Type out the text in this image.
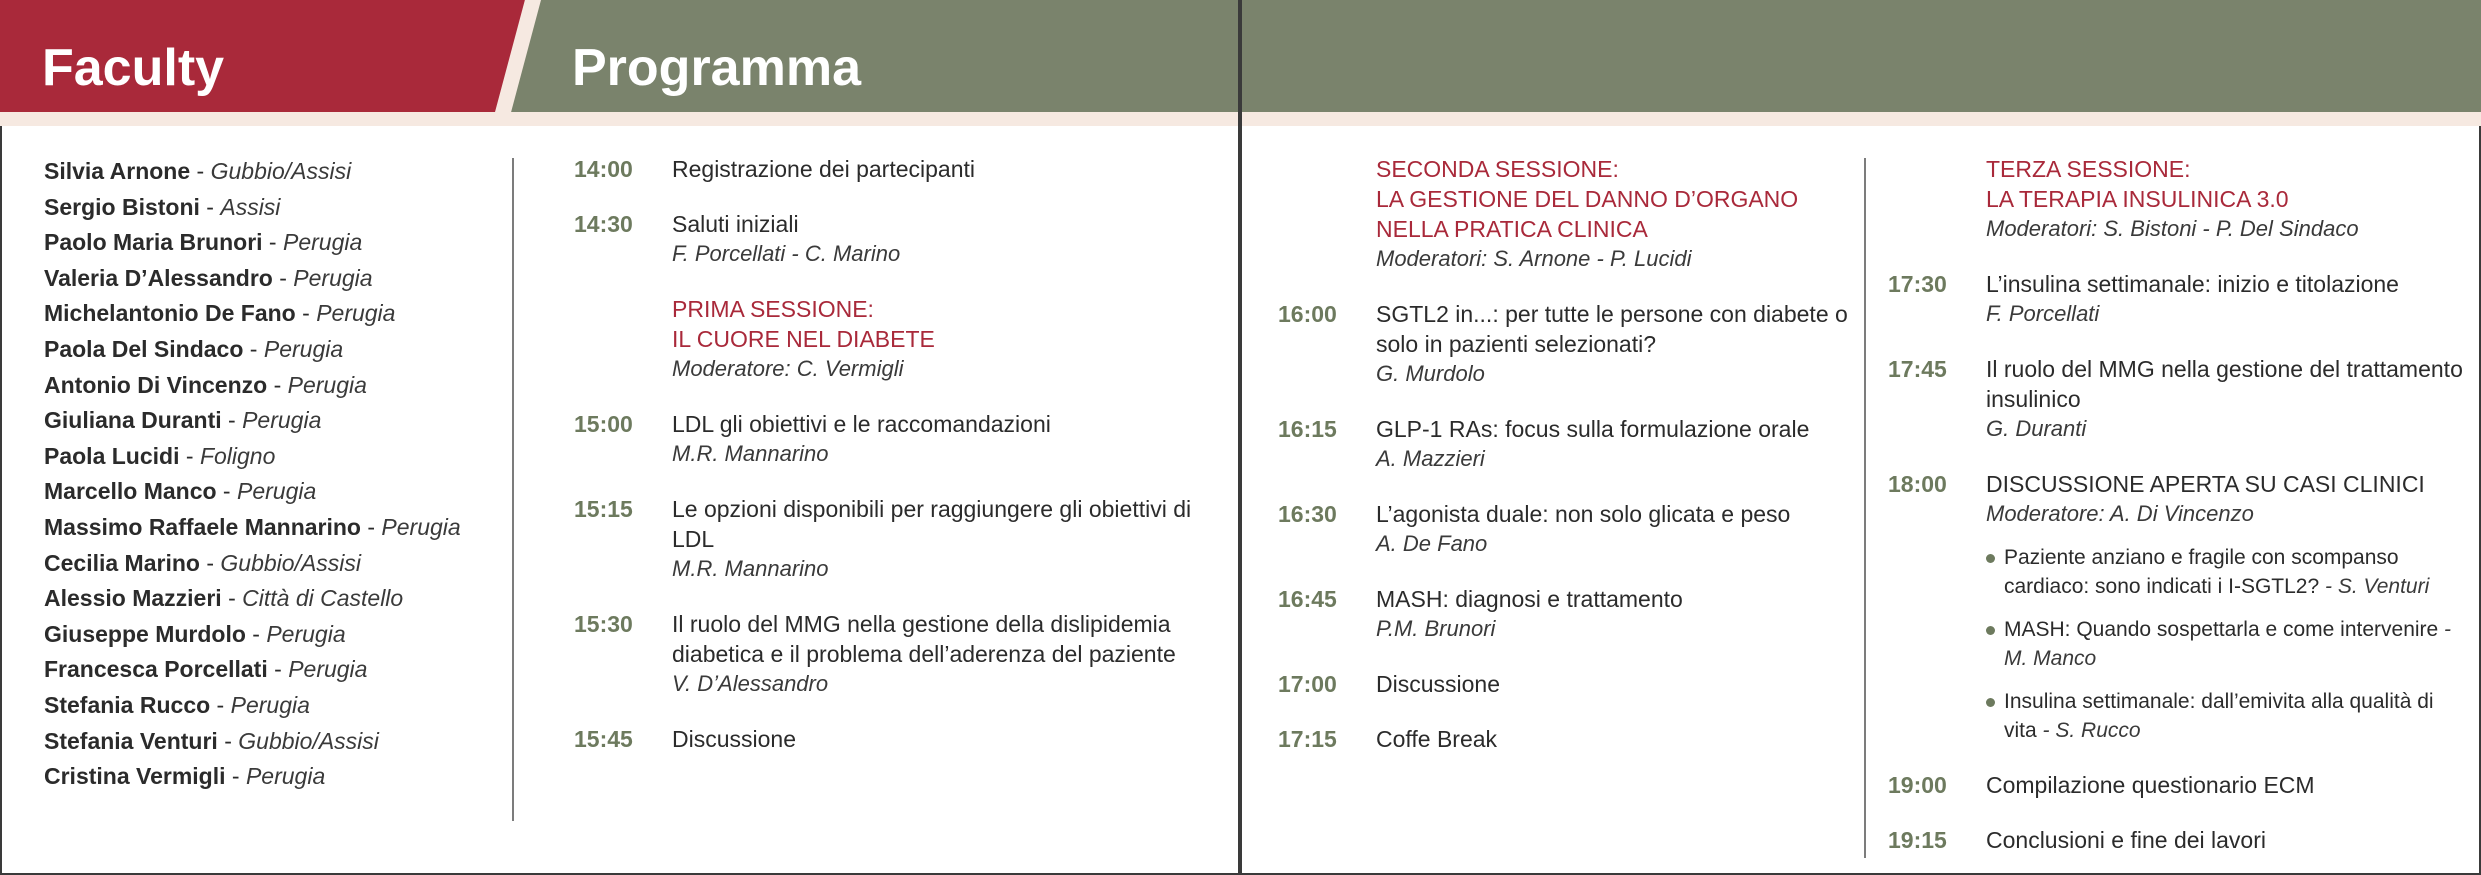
Faculty	Programma
Silvia Arnone - Gubbio/Assisi
Sergio Bistoni - Assisi
Paolo Maria Brunori - Perugia
Valeria D’Alessandro - Perugia
Michelantonio De Fano - Perugia
Paola Del Sindaco - Perugia
Antonio Di Vincenzo - Perugia
Giuliana Duranti - Perugia
Paola Lucidi - Foligno
Marcello Manco - Perugia
Massimo Raffaele Mannarino - Perugia
Cecilia Marino - Gubbio/Assisi
Alessio Mazzieri - Città di Castello
Giuseppe Murdolo - Perugia
Francesca Porcellati - Perugia
Stefania Rucco - Perugia
Stefania Venturi - Gubbio/Assisi
Cristina Vermigli - Perugia
14:00 Registrazione dei partecipanti
14:30 Saluti iniziali
F. Porcellati - C. Marino
PRIMA SESSIONE:
IL CUORE NEL DIABETE
Moderatore: C. Vermigli
15:00 LDL gli obiettivi e le raccomandazioni
M.R. Mannarino
15:15 Le opzioni disponibili per raggiungere gli obiettivi di LDL
M.R. Mannarino
15:30 Il ruolo del MMG nella gestione della dislipidemia diabetica e il problema dell’aderenza del paziente
V. D’Alessandro
15:45 Discussione
SECONDA SESSIONE:
LA GESTIONE DEL DANNO D’ORGANO
NELLA PRATICA CLINICA
Moderatori: S. Arnone - P. Lucidi
16:00 SGTL2 in...: per tutte le persone con diabete o solo in pazienti selezionati?
G. Murdolo
16:15 GLP-1 RAs: focus sulla formulazione orale
A. Mazzieri
16:30 L’agonista duale: non solo glicata e peso
A. De Fano
16:45 MASH: diagnosi e trattamento
P.M. Brunori
17:00 Discussione
17:15 Coffe Break
TERZA SESSIONE:
LA TERAPIA INSULINICA 3.0
Moderatori: S. Bistoni - P. Del Sindaco
17:30 L’insulina settimanale: inizio e titolazione
F. Porcellati
17:45 Il ruolo del MMG nella gestione del trattamento insulinico
G. Duranti
18:00 DISCUSSIONE APERTA SU CASI CLINICI
Moderatore: A. Di Vincenzo
Paziente anziano e fragile con scompanso cardiaco: sono indicati i I-SGTL2? - S. Venturi
MASH: Quando sospettarla e come intervenire - M. Manco
Insulina settimanale: dall’emivita alla qualità di vita - S. Rucco
19:00 Compilazione questionario ECM
19:15 Conclusioni e fine dei lavori
